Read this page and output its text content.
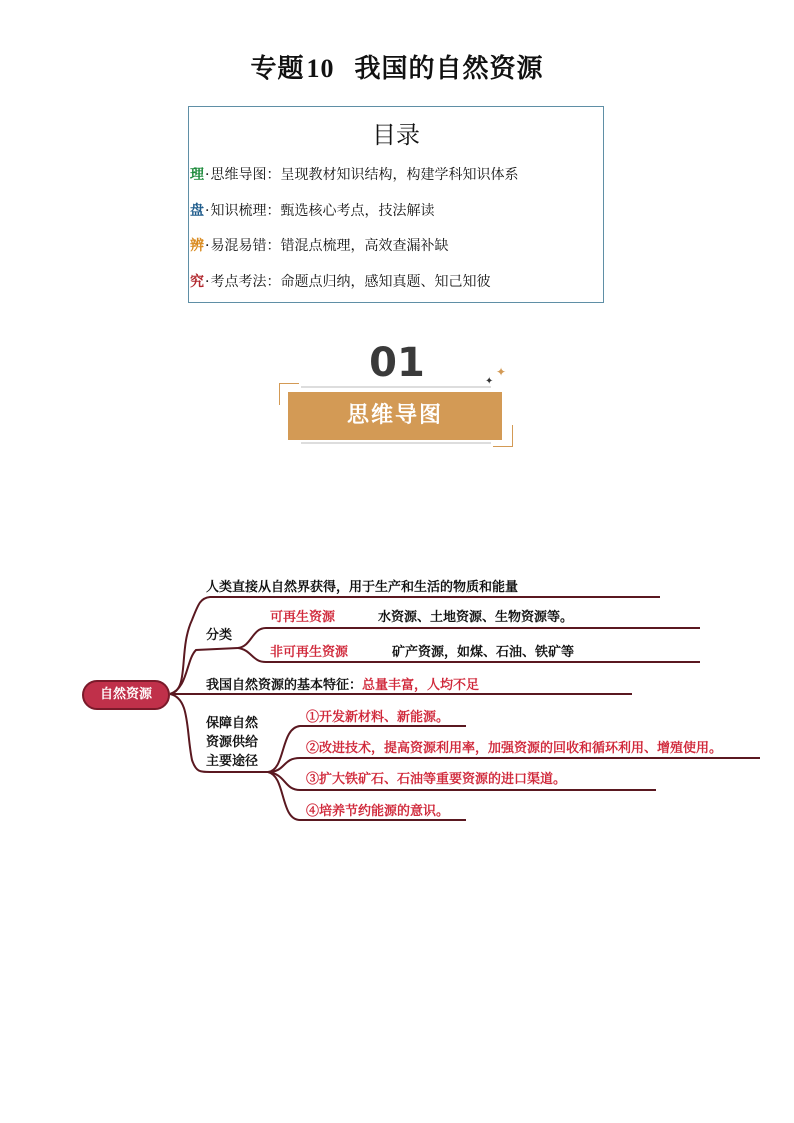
专题10 我国的自然资源
目录
理·思维导图：呈现教材知识结构，构建学科知识体系
盘·知识梳理：甄选核心考点，技法解读
辨·易混易错：错混点梳理，高效查漏补缺
究·考点考法：命题点归纳，感知真题、知己知彼
01
思维导图
✦
✦
自然资源
人类直接从自然界获得，用于生产和生活的物质和能量
分类
可再生资源	水资源、土地资源、生物资源等。
非可再生资源	矿产资源，如煤、石油、铁矿等
我国自然资源的基本特征：总量丰富，人均不足
保障自然
资源供给
主要途径
①开发新材料、新能源。
②改进技术，提高资源利用率，加强资源的回收和循环利用、增殖使用。
③扩大铁矿石、石油等重要资源的进口渠道。
④培养节约能源的意识。
